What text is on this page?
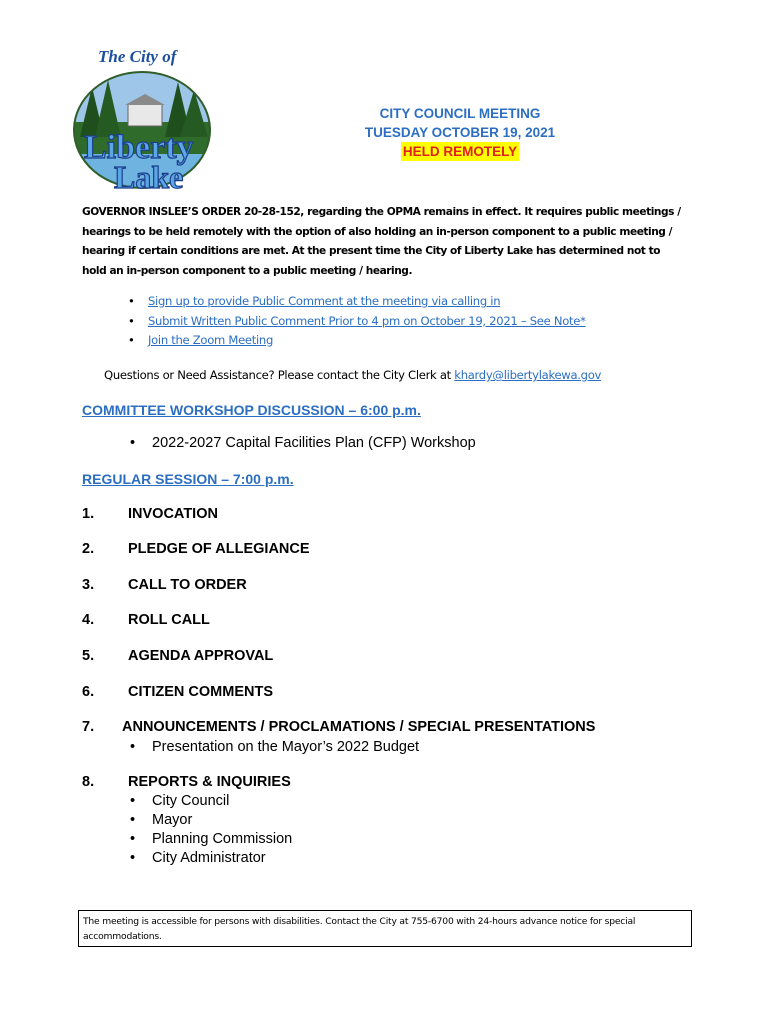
The City of
Liberty
Lake
CITY COUNCIL MEETING
TUESDAY OCTOBER 19, 2021
HELD REMOTELY
GOVERNOR INSLEE’S ORDER 20-28-152, regarding the OPMA remains in effect. It requires public meetings / hearings to be held remotely with the option of also holding an in-person component to a public meeting / hearing if certain conditions are met. At the present time the City of Liberty Lake has determined not to hold an in-person component to a public meeting / hearing.
• Sign up to provide Public Comment at the meeting via calling in
• Submit Written Public Comment Prior to 4 pm on October 19, 2021 – See Note*
• Join the Zoom Meeting
Questions or Need Assistance? Please contact the City Clerk at khardy@libertylakewa.gov
COMMITTEE WORKSHOP DISCUSSION – 6:00 p.m.
• 2022-2027 Capital Facilities Plan (CFP) Workshop
REGULAR SESSION – 7:00 p.m.
1. INVOCATION
2. PLEDGE OF ALLEGIANCE
3. CALL TO ORDER
4. ROLL CALL
5. AGENDA APPROVAL
6. CITIZEN COMMENTS
7. ANNOUNCEMENTS / PROCLAMATIONS / SPECIAL PRESENTATIONS
• Presentation on the Mayor’s 2022 Budget
8. REPORTS & INQUIRIES
• City Council
• Mayor
• Planning Commission
• City Administrator
The meeting is accessible for persons with disabilities. Contact the City at 755-6700 with 24-hours advance notice for special accommodations.
